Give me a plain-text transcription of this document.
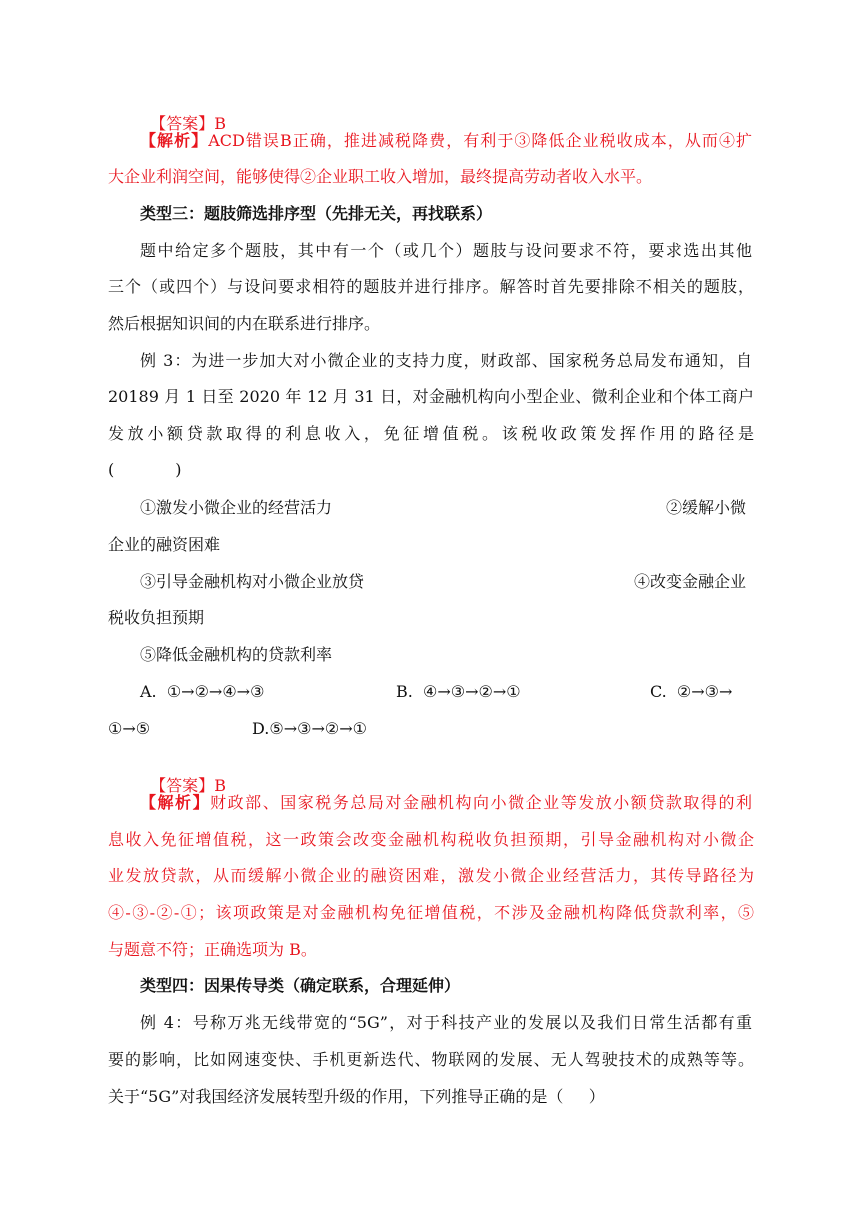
【答案】B

【解析】ACD错误B正确，推进减税降费，有利于③降低企业税收成本，从而④扩
大企业利润空间，能够使得②企业职工收入增加，最终提高劳动者收入水平。
类型三：题肢筛选排序型（先排无关，再找联系）
题中给定多个题肢，其中有一个（或几个）题肢与设问要求不符，要求选出其他
三个（或四个）与设问要求相符的题肢并进行排序。解答时首先要排除不相关的题肢，
然后根据知识间的内在联系进行排序。
例 3：为进一步加大对小微企业的支持力度，财政部、国家税务总局发布通知，自
20189 月 1 日至 2020 年 12 月 31 日，对金融机构向小型企业、微利企业和个体工商户
发放小额贷款取得的利息收入，免征增值税。该税收政策发挥作用的路径是
(            )
①激发小微企业的经营活力	②缓解小微
企业的融资困难
③引导金融机构对小微企业放贷	④改变金融企业
税收负担预期
⑤降低金融机构的贷款利率
A.  ①→②→④→③	B.  ④→③→②→①	C.  ②→③→
①→⑤	D.⑤→③→②→①

【答案】B

【解析】财政部、国家税务总局对金融机构向小微企业等发放小额贷款取得的利
息收入免征增值税，这一政策会改变金融机构税收负担预期，引导金融机构对小微企
业发放贷款，从而缓解小微企业的融资困难，激发小微企业经营活力，其传导路径为
④-③-②-①；该项政策是对金融机构免征增值税，不涉及金融机构降低贷款利率，⑤
与题意不符；正确选项为 B。
类型四：因果传导类（确定联系，合理延伸）
例 4：号称万兆无线带宽的“5G”，对于科技产业的发展以及我们日常生活都有重
要的影响，比如网速变快、手机更新迭代、物联网的发展、无人驾驶技术的成熟等等。
关于“5G”对我国经济发展转型升级的作用，下列推导正确的是（     ）
